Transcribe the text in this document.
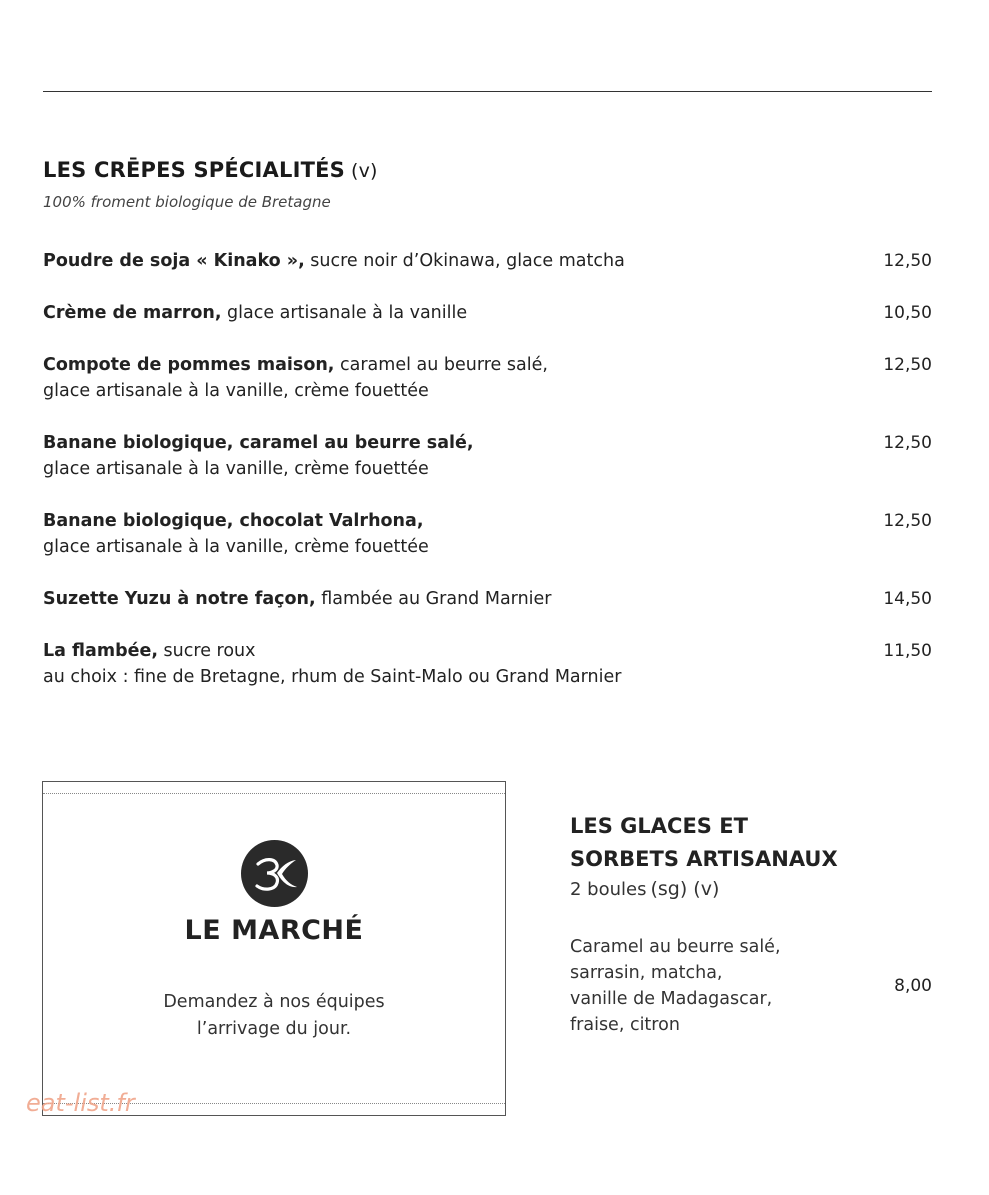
LES CRĒPES SPÉCIALITÉS (v)
100% froment biologique de Bretagne
Poudre de soja « Kinako », sucre noir d’Okinawa, glace matcha	12,50
Crème de marron, glace artisanale à la vanille	10,50
Compote de pommes maison, caramel au beurre salé,
glace artisanale à la vanille, crème fouettée
12,50
Banane biologique, caramel au beurre salé,
glace artisanale à la vanille, crème fouettée
12,50
Banane biologique, chocolat Valrhona,
glace artisanale à la vanille, crème fouettée
12,50
Suzette Yuzu à notre façon, flambée au Grand Marnier	14,50
La flambée, sucre roux
au choix : fine de Bretagne, rhum de Saint-Malo ou Grand Marnier
11,50
LE MARCHÉ
Demandez à nos équipes
l’arrivage du jour.
LES GLACES ET
SORBETS ARTISANAUX
2 boules (sg) (v)
Caramel au beurre salé,
sarrasin, matcha,
vanille de Madagascar,
fraise, citron
8,00
eat-list.fr
